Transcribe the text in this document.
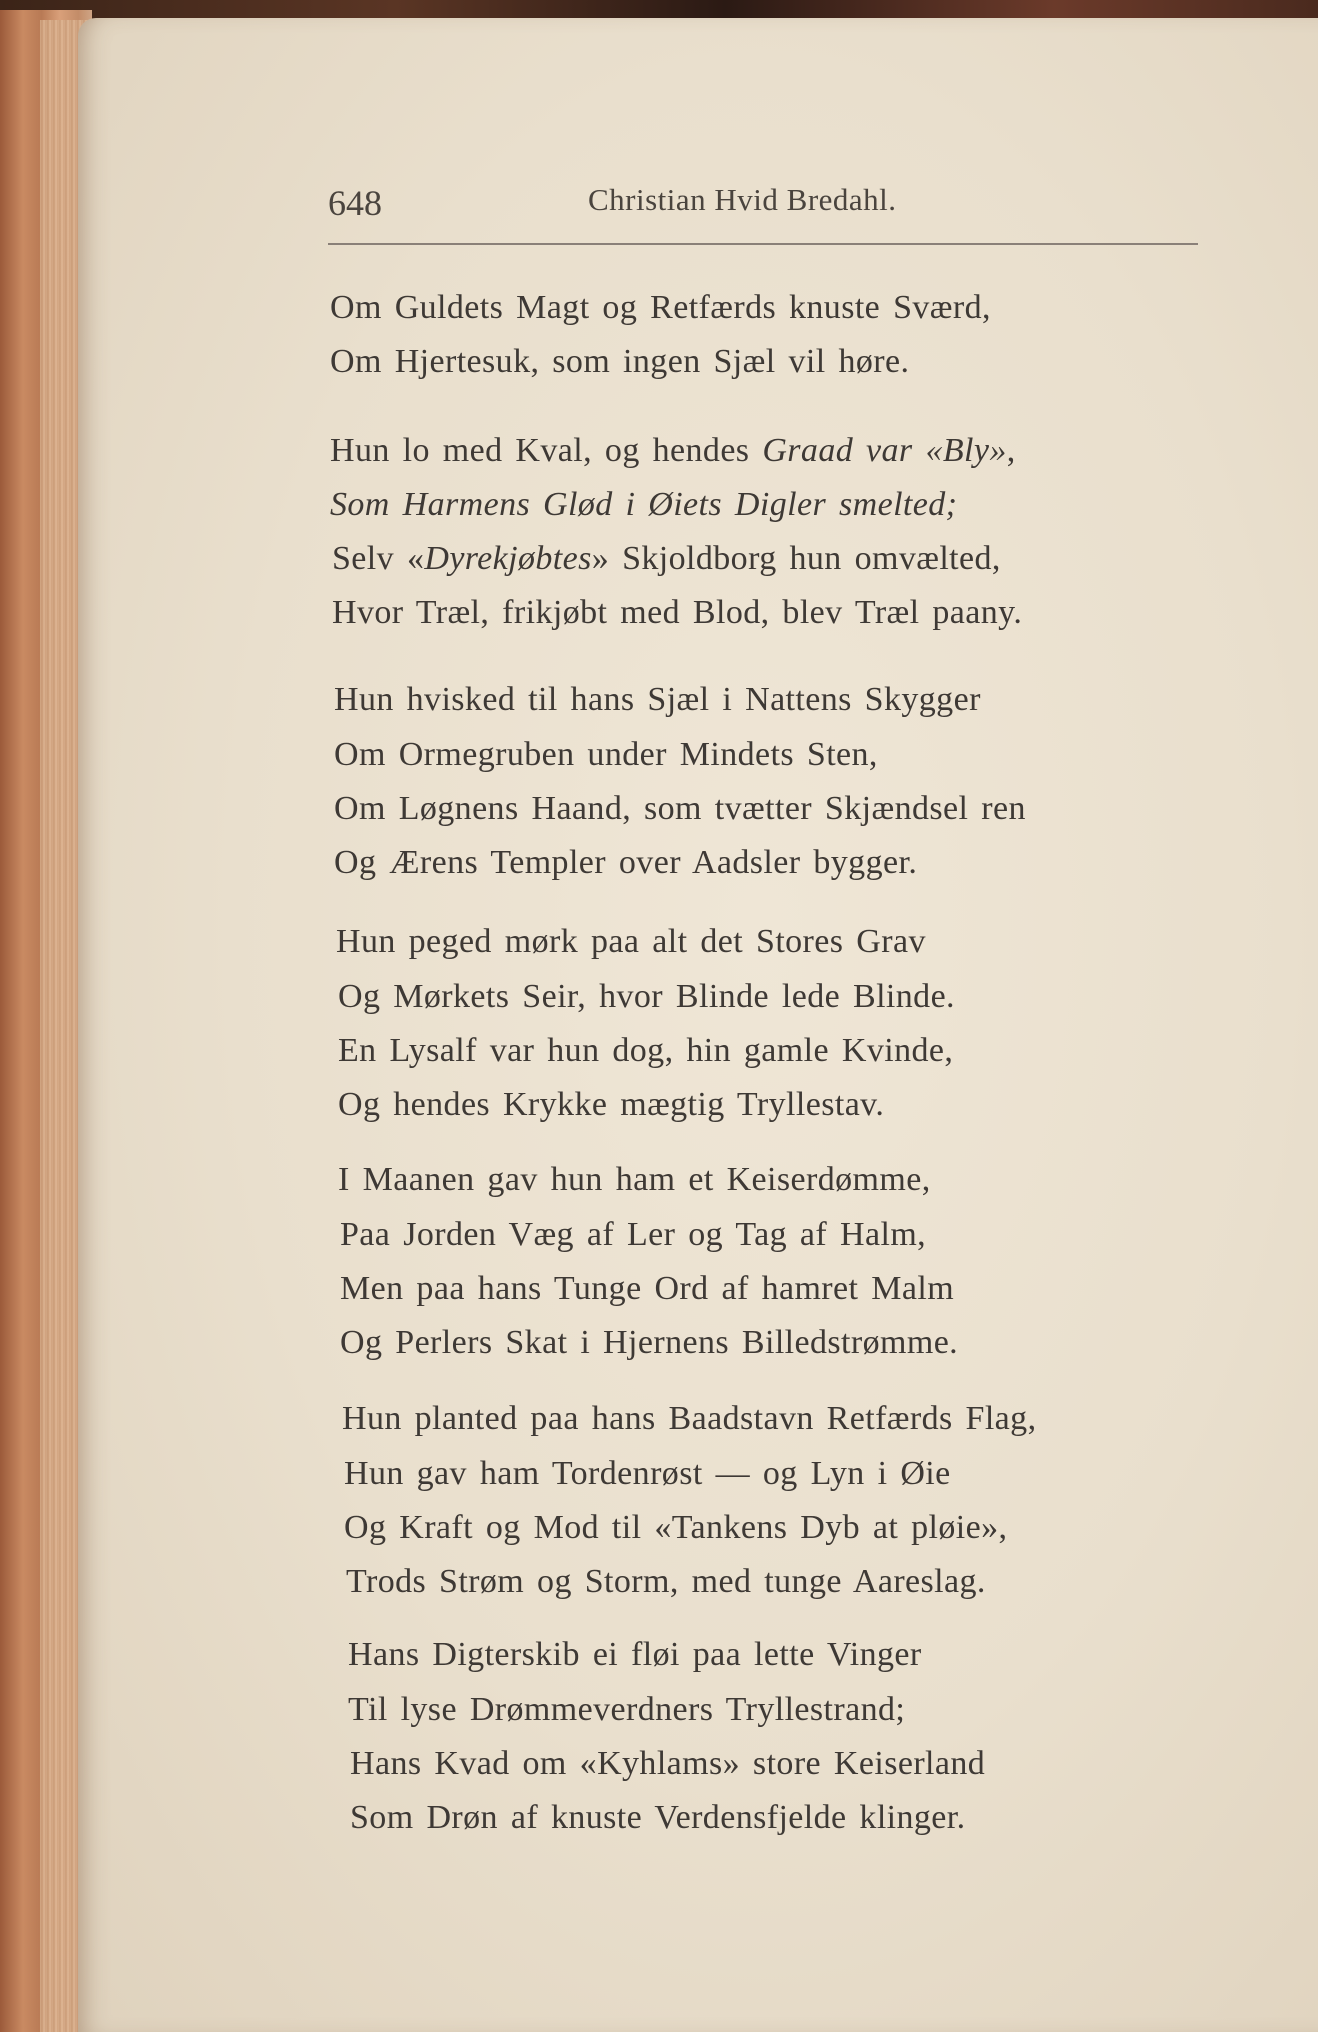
648	Christian Hvid Bredahl.
Om Guldets Magt og Retfærds knuste Sværd,
Om Hjertesuk, som ingen Sjæl vil høre.
Hun lo med Kval, og hendes Graad var «Bly»,
Som Harmens Glød i Øiets Digler smelted;
Selv «Dyrekjøbtes» Skjoldborg hun omvælted,
Hvor Træl, frikjøbt med Blod, blev Træl paany.
Hun hvisked til hans Sjæl i Nattens Skygger
Om Ormegruben under Mindets Sten,
Om Løgnens Haand, som tvætter Skjændsel ren
Og Ærens Templer over Aadsler bygger.
Hun peged mørk paa alt det Stores Grav
Og Mørkets Seir, hvor Blinde lede Blinde.
En Lysalf var hun dog, hin gamle Kvinde,
Og hendes Krykke mægtig Tryllestav.
I Maanen gav hun ham et Keiserdømme,
Paa Jorden Væg af Ler og Tag af Halm,
Men paa hans Tunge Ord af hamret Malm
Og Perlers Skat i Hjernens Billedstrømme.
Hun planted paa hans Baadstavn Retfærds Flag,
Hun gav ham Tordenrøst — og Lyn i Øie
Og Kraft og Mod til «Tankens Dyb at pløie»,
Trods Strøm og Storm, med tunge Aareslag.
Hans Digterskib ei fløi paa lette Vinger
Til lyse Drømmeverdners Tryllestrand;
Hans Kvad om «Kyhlams» store Keiserland
Som Drøn af knuste Verdensfjelde klinger.
